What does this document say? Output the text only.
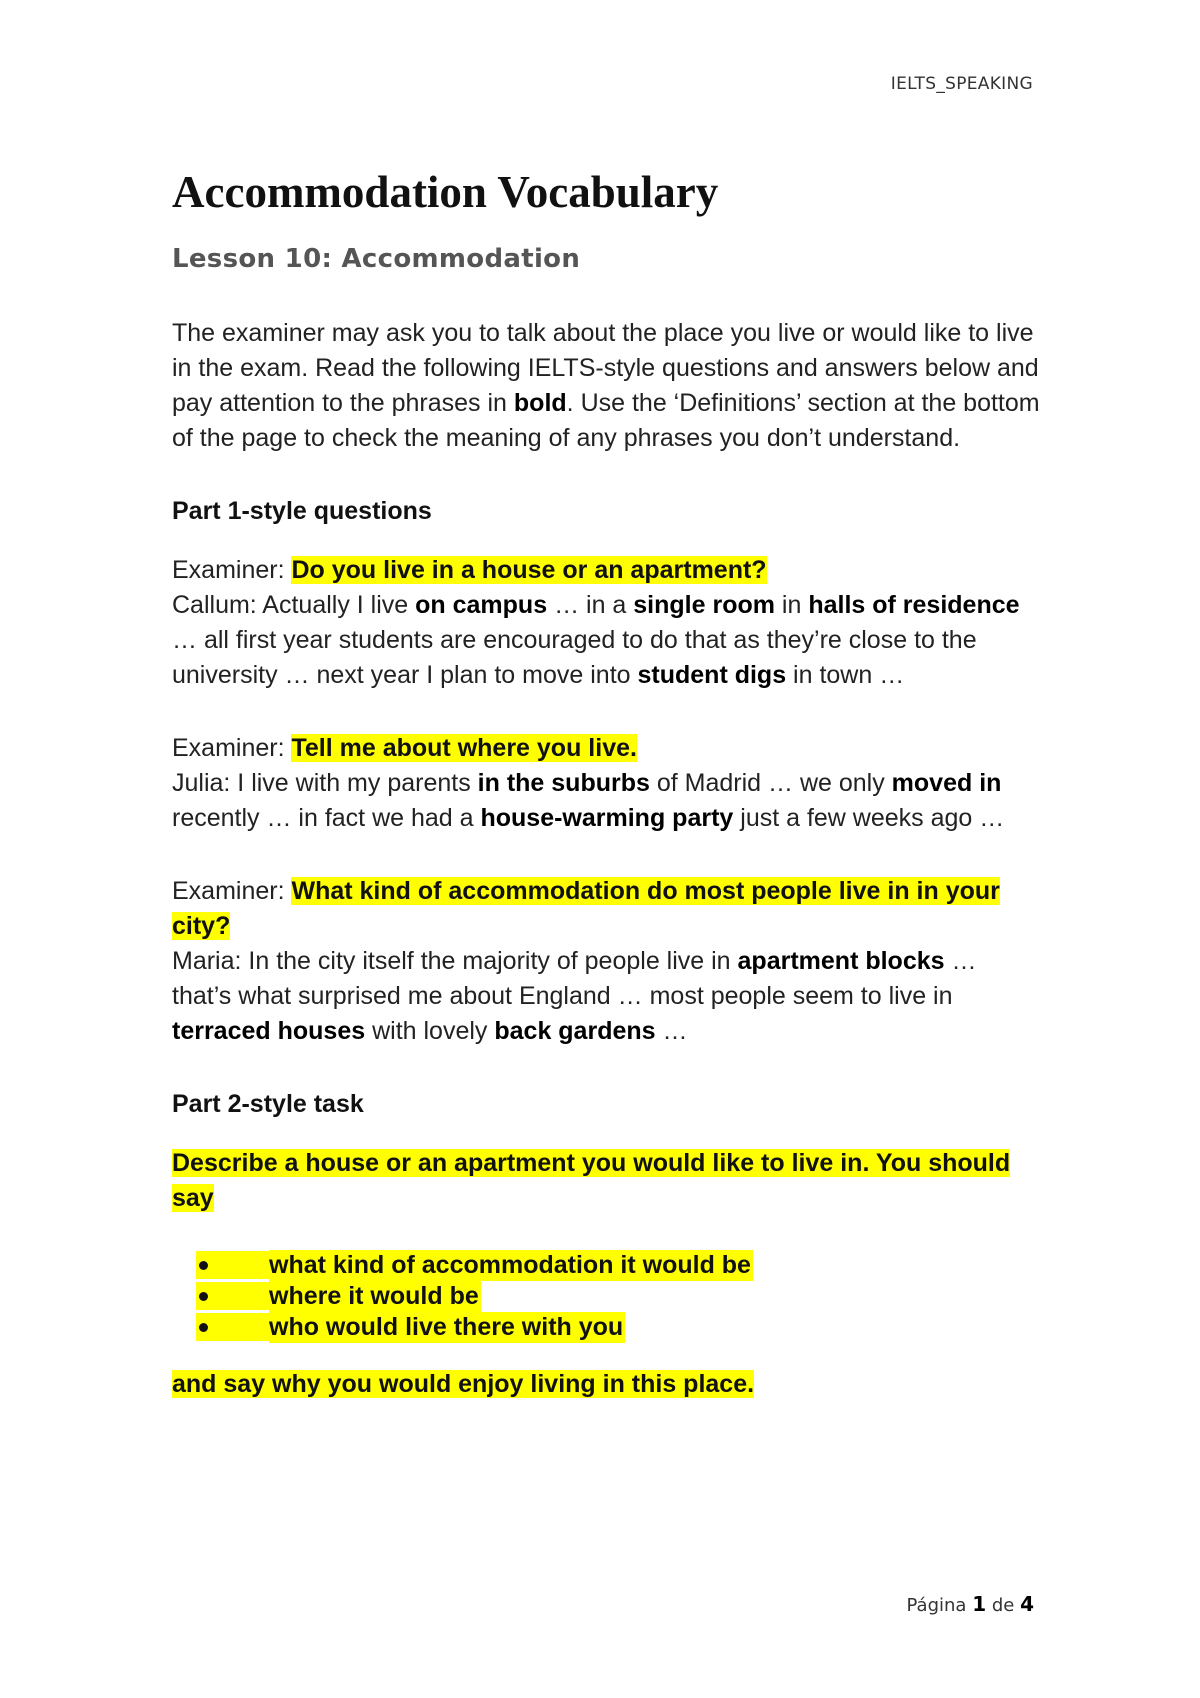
IELTS_SPEAKING
Accommodation Vocabulary
Lesson 10: Accommodation

The examiner may ask you to talk about the place you live or would like to live in the exam. Read the following IELTS-style questions and answers below and pay attention to the phrases in bold. Use the ‘Definitions’ section at the bottom of the page to check the meaning of any phrases you don’t understand.

Part 1-style questions

Examiner: Do you live in a house or an apartment?

Callum: Actually I live on campus … in a single room in halls of residence … all first year students are encouraged to do that as they’re close to the university … next year I plan to move into student digs in town …

Examiner: Tell me about where you live.

Julia: I live with my parents in the suburbs of Madrid … we only moved in recently … in fact we had a house-warming party just a few weeks ago …

Examiner: What kind of accommodation do most people live in in your city?

Maria: In the city itself the majority of people live in apartment blocks … that’s what surprised me about England … most people seem to live in terraced houses with lovely back gardens …

Part 2-style task

Describe a house or an apartment you would like to live in. You should say

what kind of accommodation it would be
where it would be
who would live there with you

and say why you would enjoy living in this place.

Página 1 de 4
